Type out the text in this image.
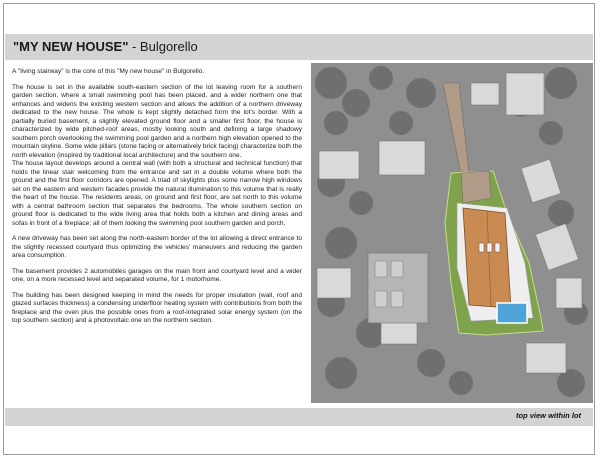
"MY NEW HOUSE" - Bulgorello

A "living stairway" is the core of this "My new house" in Bulgorello.

The house is set in the available south-eastern section of the lot leaving room for a southern garden section, where a small swimming pool has been placed, and a wider northern one that enhances and widens the existing western section and allows the addition of a northern driveway dedicated to the new house. The whole is kept slightly detached form the lot's border. With a partially buried basement, a slightly elevated ground floor and a smaller first floor, the house is characterized by wide pitched-roof areas, mostly looking south and defining a large shadowy southern porch overlooking the swimming pool garden and a northern high elevation opened to the mountain skyline. Some wide pillars (stone facing or alternatively brick facing) characterize both the north elevation (inspired by traditional local architecture) and the southern one.

The house layout develops around a central wall (with both a structural and technical function) that holds the linear stair welcoming from the entrance and set in a double volume where both the ground and the first floor corridors are opened. A triad of skylights plus some narrow high windows set on the eastern and western facades provide the natural illumination to this volume that is really the heart of the house. The residents areas, on ground and first floor, are set north to this volume with a central bathroom section that separates the bedrooms. The whole southern section on ground floor is dedicated to the wide living area that holds both a kitchen and dining areas and sofas in front of a fireplace; all of them looking the swimming pool southern garden and porch.

A new driveway has been set along the north-eastern border of the lot allowing a direct entrance to the slightly recessed courtyard thus optimizing the vehicles' maneuvers and reducing the garden area consumption.

The basement provides 2 automobiles garages on the main front and courtyard level and a wider one, on a more recessed level and separated volume, for 1 motorhome.

The building has been designed keeping in mind the needs for proper insulation (wall, roof and glazed surfaces thickness) a condensing underfloor heating system with contributions from both the fireplace and the oven plus the possible ones from a roof-integrated solar energy system (on the top southern section) and a photovoltaic one on the northern section.

top view within lot
